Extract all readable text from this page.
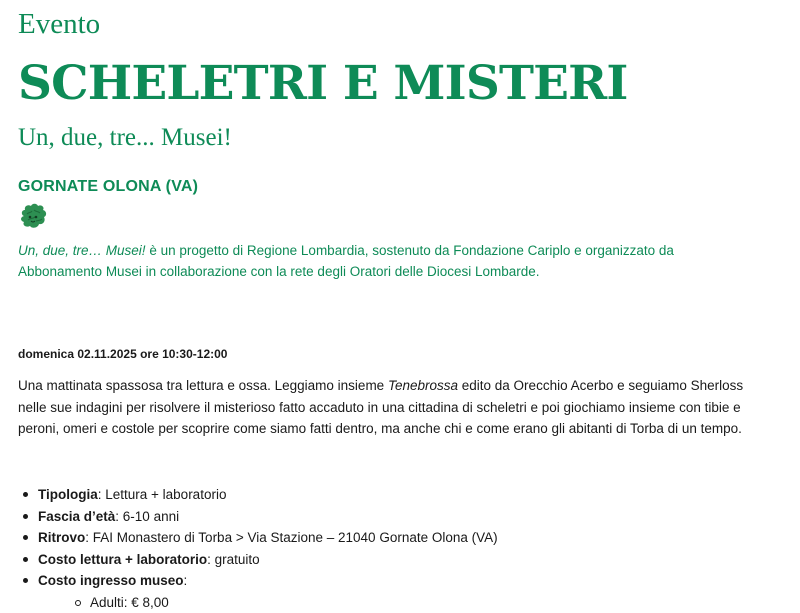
Evento

SCHELETRI E MISTERI
Un, due, tre... Musei!
GORNATE OLONA (VA)

Un, due, tre… Musei! è un progetto di Regione Lombardia, sostenuto da Fondazione Cariplo e organizzato da Abbonamento Musei in collaborazione con la rete degli Oratori delle Diocesi Lombarde.

domenica 02.11.2025 ore 10:30-12:00

Una mattinata spassosa tra lettura e ossa. Leggiamo insieme Tenebrossa edito da Orecchio Acerbo e seguiamo Sherloss nelle sue indagini per risolvere il misterioso fatto accaduto in una cittadina di scheletri e poi giochiamo insieme con tibie e peroni, omeri e costole per scoprire come siamo fatti dentro, ma anche chi e come erano gli abitanti di Torba di un tempo.

Tipologia: Lettura + laboratorio
Fascia d’età: 6-10 anni
Ritrovo: FAI Monastero di Torba > Via Stazione – 21040 Gornate Olona (VA)
Costo lettura + laboratorio: gratuito
Costo ingresso museo:
Adulti: € 8,00
